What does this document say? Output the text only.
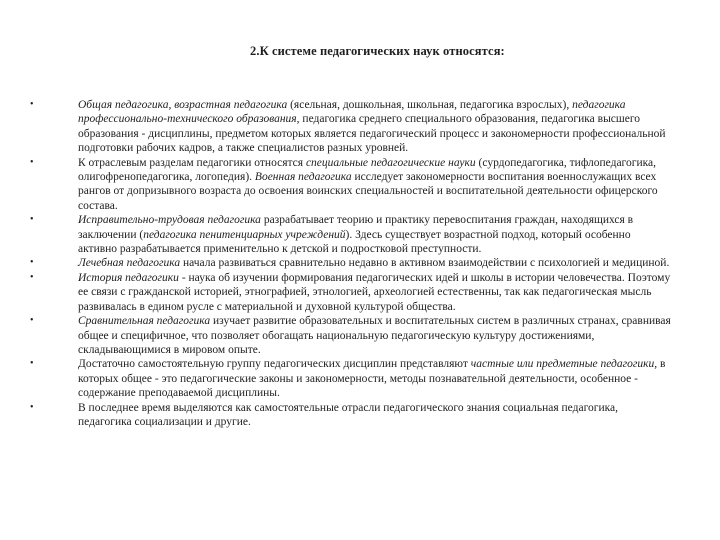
2.К системе педагогических наук относятся:
•	Общая педагогика, возрастная педагогика (ясельная, дошкольная, школьная, педагогика взрослых), педагогика профессионально-технического образования, педагогика среднего специального образования, педагогика высшего образования - дисциплины, предметом которых является педагогический процесс и закономерности профессиональной подготовки рабочих кадров, а также специалистов разных уровней.
•	К отраслевым разделам педагогики относятся специальные педагогические науки (сурдопедагогика, тифлопедагогика, олигофренопедагогика, логопедия). Военная педагогика исследует закономерности воспитания военнослужащих всех рангов от допризывного возраста до освоения воинских специальностей и воспитательной деятельности офицерского состава.
•	Исправительно-трудовая педагогика разрабатывает теорию и практику перевоспитания граждан, находящихся в заключении (педагогика пенитенциарных учреждений). Здесь существует возрастной подход, который особенно активно разрабатывается применительно к детской и подростковой преступности.
•	Лечебная педагогика начала развиваться сравнительно недавно в активном взаимодействии с психологией и медициной.
•	История педагогики - наука об изучении формирования педагогических идей и школы в истории человечества. Поэтому ее связи с гражданской историей, этнографией, этнологией, археологией естественны, так как педагогическая мысль развивалась в едином русле с материальной и духовной культурой общества.
•	Сравнительная педагогика изучает развитие образовательных и воспитательных систем в различных странах, сравнивая общее и специфичное, что позволяет обогащать национальную педагогическую культуру достижениями, складывающимися в мировом опыте.
•	Достаточно самостоятельную группу педагогических дисциплин представляют частные или предметные педагогики, в которых общее - это педагогические законы и закономерности, методы познавательной деятельности, особенное - содержание преподаваемой дисциплины.
•	В последнее время выделяются как самостоятельные отрасли педагогического знания социальная педагогика, педагогика социализации и другие.
